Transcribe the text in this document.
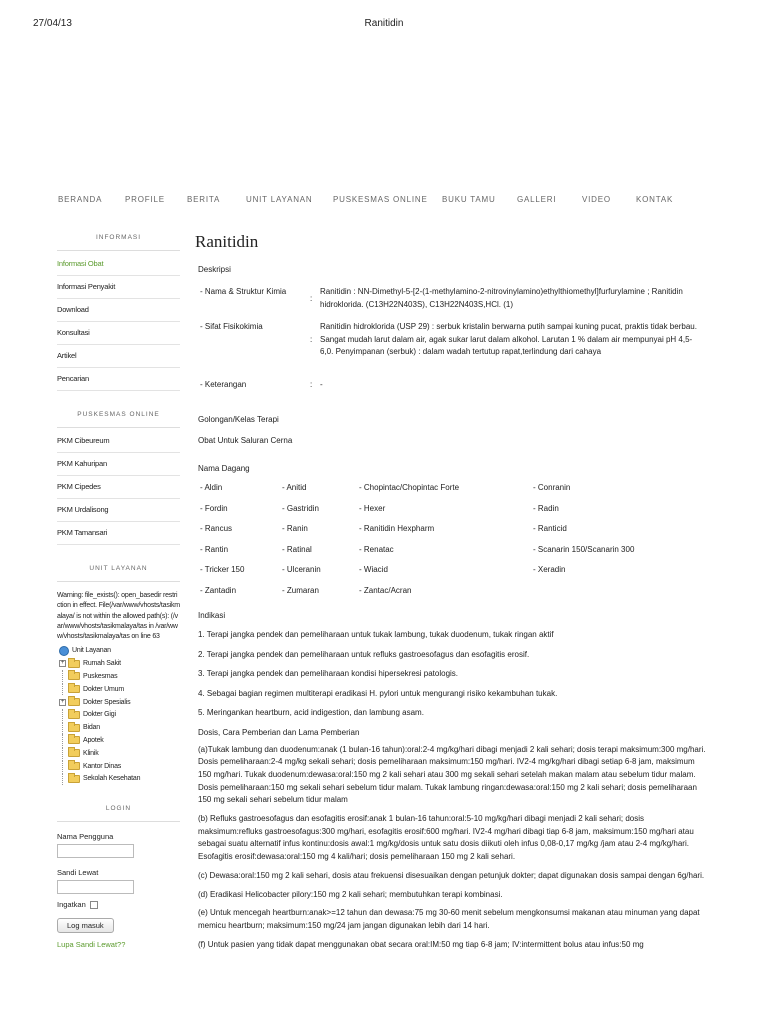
27/04/13	Ranitidin
BERANDA	PROFILE	BERITA	UNIT LAYANAN	PUSKESMAS ONLINE BUKU TAMU	GALLERI	VIDEO	KONTAK
INFORMASI
Informasi Obat
Informasi Penyakit
Download
Konsultasi
Artikel
Pencarian
PUSKESMAS ONLINE
PKM Cibeureum
PKM Kahuripan
PKM Cipedes
PKM Urdalisong
PKM Tamansari
UNIT LAYANAN
Warning: file_exists(): open_basedir restriction in effect. File(/var/www/vhosts/tasikmalaya/ is not within the allowed path(s): (/var/www/vhosts/tasikmalaya/tas in /var/www/vhosts/tasikmalaya/tas on line 63
Unit Layanan
+	Rumah Sakit
Puskesmas
Dokter Umum
+	Dokter Spesialis
Dokter Gigi
Bidan
Apotek
Klinik
Kantor Dinas
Sekolah Kesehatan
LOGIN
Nama Pengguna
Sandi Lewat
Ingatkan
Log masuk
Lupa Sandi Lewat??
Ranitidin
Deskripsi
- Nama & Struktur Kimia
:
Ranitidin : NN-Dimethyl-5-[2-(1-methylamino-2-nitrovinylamino)ethylthiomethyl]furfurylamine ; Ranitidin hidroklorida. (C13H22N403S), C13H22N403S,HCl. (1)
- Sifat Fisikokimia
:
Ranitidin hidroklorida (USP 29) : serbuk kristalin berwarna putih sampai kuning pucat, praktis tidak berbau. Sangat mudah larut dalam air, agak sukar larut dalam alkohol. Larutan 1 % dalam air mempunyai pH 4,5-6,0. Penyimpanan (serbuk) : dalam wadah tertutup rapat,terlindung dari cahaya
- Keterangan	: -
Golongan/Kelas Terapi
Obat Untuk Saluran Cerna
Nama Dagang
- Aldin	- Anitid	- Chopintac/Chopintac Forte	- Conranin
- Fordin	- Gastridin	- Hexer	- Radin
- Rancus	- Ranin	- Ranitidin Hexpharm	- Ranticid
- Rantin	- Ratinal	- Renatac	- Scanarin 150/Scanarin 300
- Tricker 150	- Ulceranin	- Wiacid	- Xeradin
- Zantadin	- Zumaran	- Zantac/Acran
Indikasi
1. Terapi jangka pendek dan pemeliharaan untuk tukak lambung, tukak duodenum, tukak ringan aktif
2. Terapi jangka pendek dan pemeliharaan untuk refluks gastroesofagus dan esofagitis erosif.
3. Terapi jangka pendek dan pemeliharaan kondisi hipersekresi patologis.
4. Sebagai bagian regimen multiterapi eradikasi H. pylori untuk mengurangi risiko kekambuhan tukak.
5. Meringankan heartburn, acid indigestion, dan lambung asam.
Dosis, Cara Pemberian dan Lama Pemberian
(a)Tukak lambung dan duodenum:anak (1 bulan-16 tahun):oral:2-4 mg/kg/hari dibagi menjadi 2 kali sehari; dosis terapi maksimum:300 mg/hari. Dosis pemeliharaan:2-4 mg/kg sekali sehari; dosis pemeliharaan maksimum:150 mg/hari. IV2-4 mg/kg/hari dibagi setiap 6-8 jam, maksimum 150 mg/hari. Tukak duodenum:dewasa:oral:150 mg 2 kali sehari atau 300 mg sekali sehari setelah makan malam atau sebelum tidur malam. Dosis pemeliharaan:150 mg sekali sehari sebelum tidur malam. Tukak lambung ringan:dewasa:oral:150 mg 2 kali sehari; dosis pemeliharaan 150 mg sekali sehari sebelum tidur malam
(b) Refluks gastroesofagus dan esofagitis erosif:anak 1 bulan-16 tahun:oral:5-10 mg/kg/hari dibagi menjadi 2 kali sehari; dosis maksimum:refluks gastroesofagus:300 mg/hari, esofagitis erosif:600 mg/hari. IV2-4 mg/hari dibagi tiap 6-8 jam, maksimum:150 mg/hari atau sebagai suatu alternatif infus kontinu:dosis awal:1 mg/kg/dosis untuk satu dosis diikuti oleh infus 0,08-0,17 mg/kg /jam atau 2-4 mg/kg/hari. Esofagitis erosif:dewasa:oral:150 mg 4 kali/hari; dosis pemeliharaan 150 mg 2 kali sehari.
(c) Dewasa:oral:150 mg 2 kali sehari, dosis atau frekuensi disesuaikan dengan petunjuk dokter; dapat digunakan dosis sampai dengan 6g/hari.
(d) Eradikasi Helicobacter pilory:150 mg 2 kali sehari; membutuhkan terapi kombinasi.
(e) Untuk mencegah heartburn:anak>=12 tahun dan dewasa:75 mg 30-60 menit sebelum mengkonsumsi makanan atau minuman yang dapat memicu heartburn; maksimum:150 mg/24 jam jangan digunakan lebih dari 14 hari.
(f) Untuk pasien yang tidak dapat menggunakan obat secara oral:IM:50 mg tiap 6-8 jam; IV:intermittent bolus atau infus:50 mg
